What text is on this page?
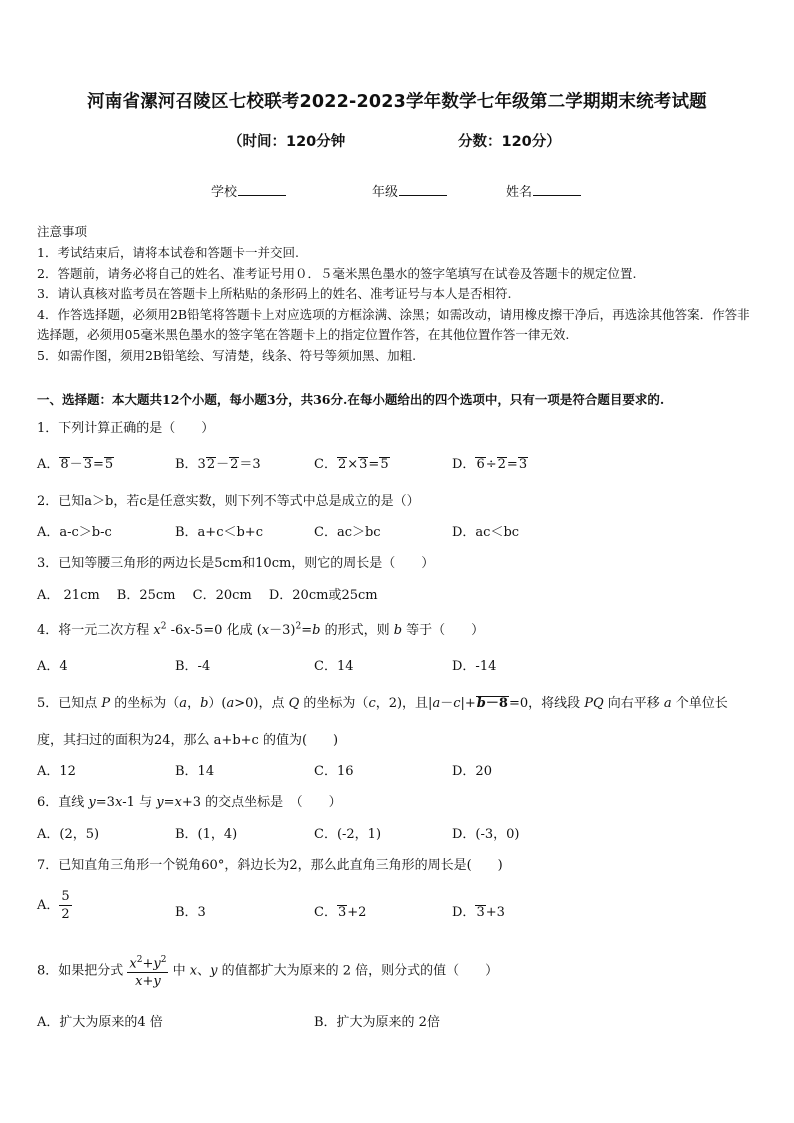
河南省漯河召陵区七校联考2022-2023学年数学七年级第二学期期末统考试题
（时间：120分钟	分数：120分）
学校	年级	姓名
注意事项
1．考试结束后，请将本试卷和答题卡一并交回.
2．答题前，请务必将自己的姓名、准考证号用０．５毫米黑色墨水的签字笔填写在试卷及答题卡的规定位置.
3．请认真核对监考员在答题卡上所粘贴的条形码上的姓名、准考证号与本人是否相符.
4．作答选择题，必须用2B铅笔将答题卡上对应选项的方框涂满、涂黑；如需改动，请用橡皮擦干净后，再选涂其他答案．作答非选择题，必须用05毫米黑色墨水的签字笔在答题卡上的指定位置作答，在其他位置作答一律无效.
5．如需作图，须用2B铅笔绘、写清楚，线条、符号等须加黑、加粗.
一、选择题：本大题共12个小题，每小题3分，共36分.在每小题给出的四个选项中，只有一项是符合题目要求的.
1．下列计算正确的是（　　）
A．8－3=5	B．32－2＝3	C．2×3=5	D．6÷2=3
2．已知a＞b，若c是任意实数，则下列不等式中总是成立的是（）
A．a-c＞b-c	B．a+c＜b+c	C．ac＞bc	D．ac＜bc
3．已知等腰三角形的两边长是5cm和10cm，则它的周长是（　　）
A． 21cm　 B．25cm　 C．20cm　 D．20cm或25cm
4．将一元二次方程 $x^2$ -6x-5=0 化成 $(x-3)^2=b$ 的形式，则 b 等于（　　）
A．4	B．-4	C．14	D．-14
5．已知点 P 的坐标为（a，b）(a>0)，点 Q 的坐标为（c，2)，且|a－c|+b－8=0，将线段 PQ 向右平移 a 个单位长
度，其扫过的面积为24，那么 a+b+c 的值为(　　)
A．12	B．14	C．16	D．20
6．直线 y=3x-1 与 y=x+3 的交点坐标是　（　　）
A．(2，5)	B．(1，4)	C．(-2，1)	D．(-3，0)
7．已知直角三角形一个锐角60°，斜边长为2，那么此直角三角形的周长是(　　)
A． $\frac{5}{2}$	B．3	C．3+2	D．3+3
8．如果把分式 $\frac{x^2+y^2}{x+y}$ 中 x、y 的值都扩大为原来的 2 倍，则分式的值（　　）
A．扩大为原来的4 倍	B．扩大为原来的 2倍
